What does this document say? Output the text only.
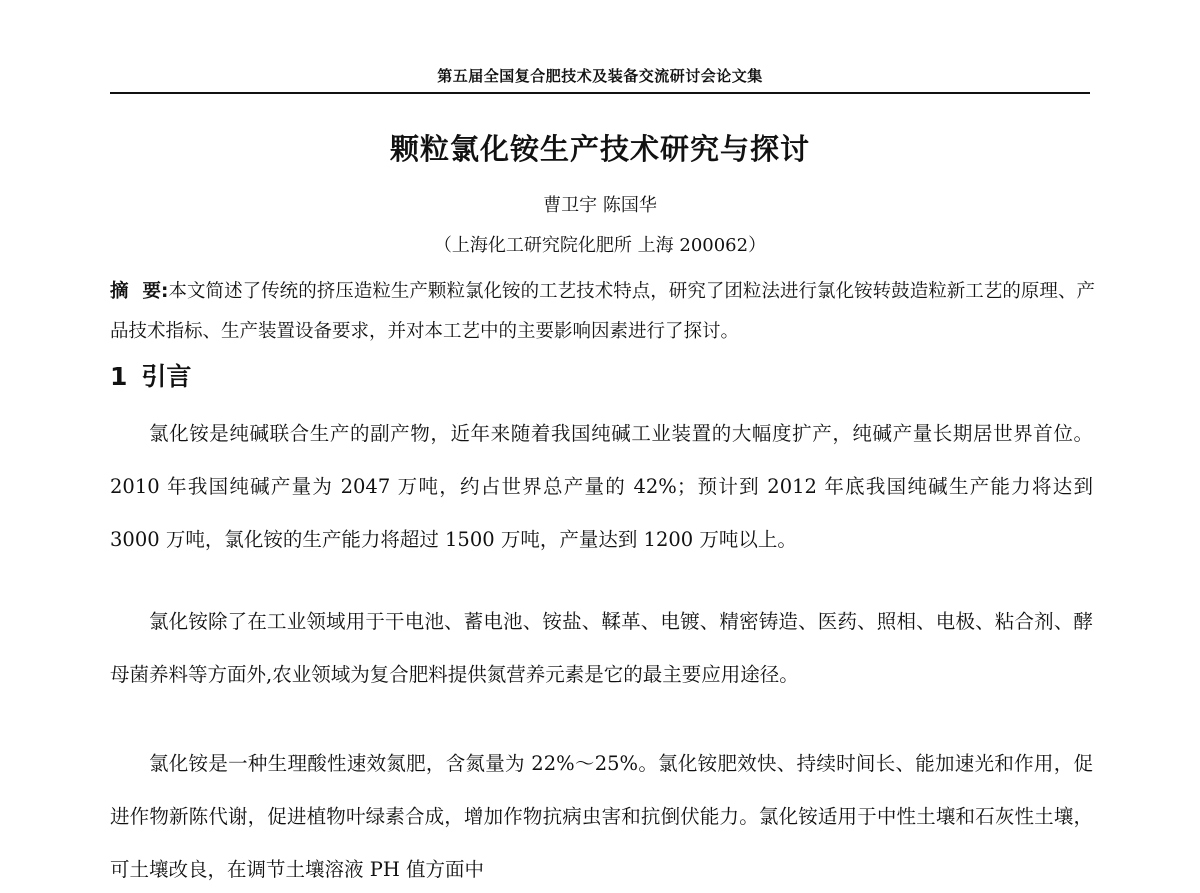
第五届全国复合肥技术及装备交流研讨会论文集
颗粒氯化铵生产技术研究与探讨
曹卫宇 陈国华
（上海化工研究院化肥所 上海 200062）
摘要:本文简述了传统的挤压造粒生产颗粒氯化铵的工艺技术特点，研究了团粒法进行氯化铵转鼓造粒新工艺的原理、产品技术指标、生产装置设备要求，并对本工艺中的主要影响因素进行了探讨。
1 引言

氯化铵是纯碱联合生产的副产物，近年来随着我国纯碱工业装置的大幅度扩产，纯碱产量长期居世界首位。2010 年我国纯碱产量为 2047 万吨，约占世界总产量的 42%；预计到 2012 年底我国纯碱生产能力将达到 3000 万吨，氯化铵的生产能力将超过 1500 万吨，产量达到 1200 万吨以上。

氯化铵除了在工业领域用于干电池、蓄电池、铵盐、鞣革、电镀、精密铸造、医药、照相、电极、粘合剂、酵母菌养料等方面外,农业领域为复合肥料提供氮营养元素是它的最主要应用途径。

氯化铵是一种生理酸性速效氮肥，含氮量为 22%～25%。氯化铵肥效快、持续时间长、能加速光和作用，促进作物新陈代谢，促进植物叶绿素合成，增加作物抗病虫害和抗倒伏能力。氯化铵适用于中性土壤和石灰性土壤，可土壤改良，在调节土壤溶液 PH 值方面中
